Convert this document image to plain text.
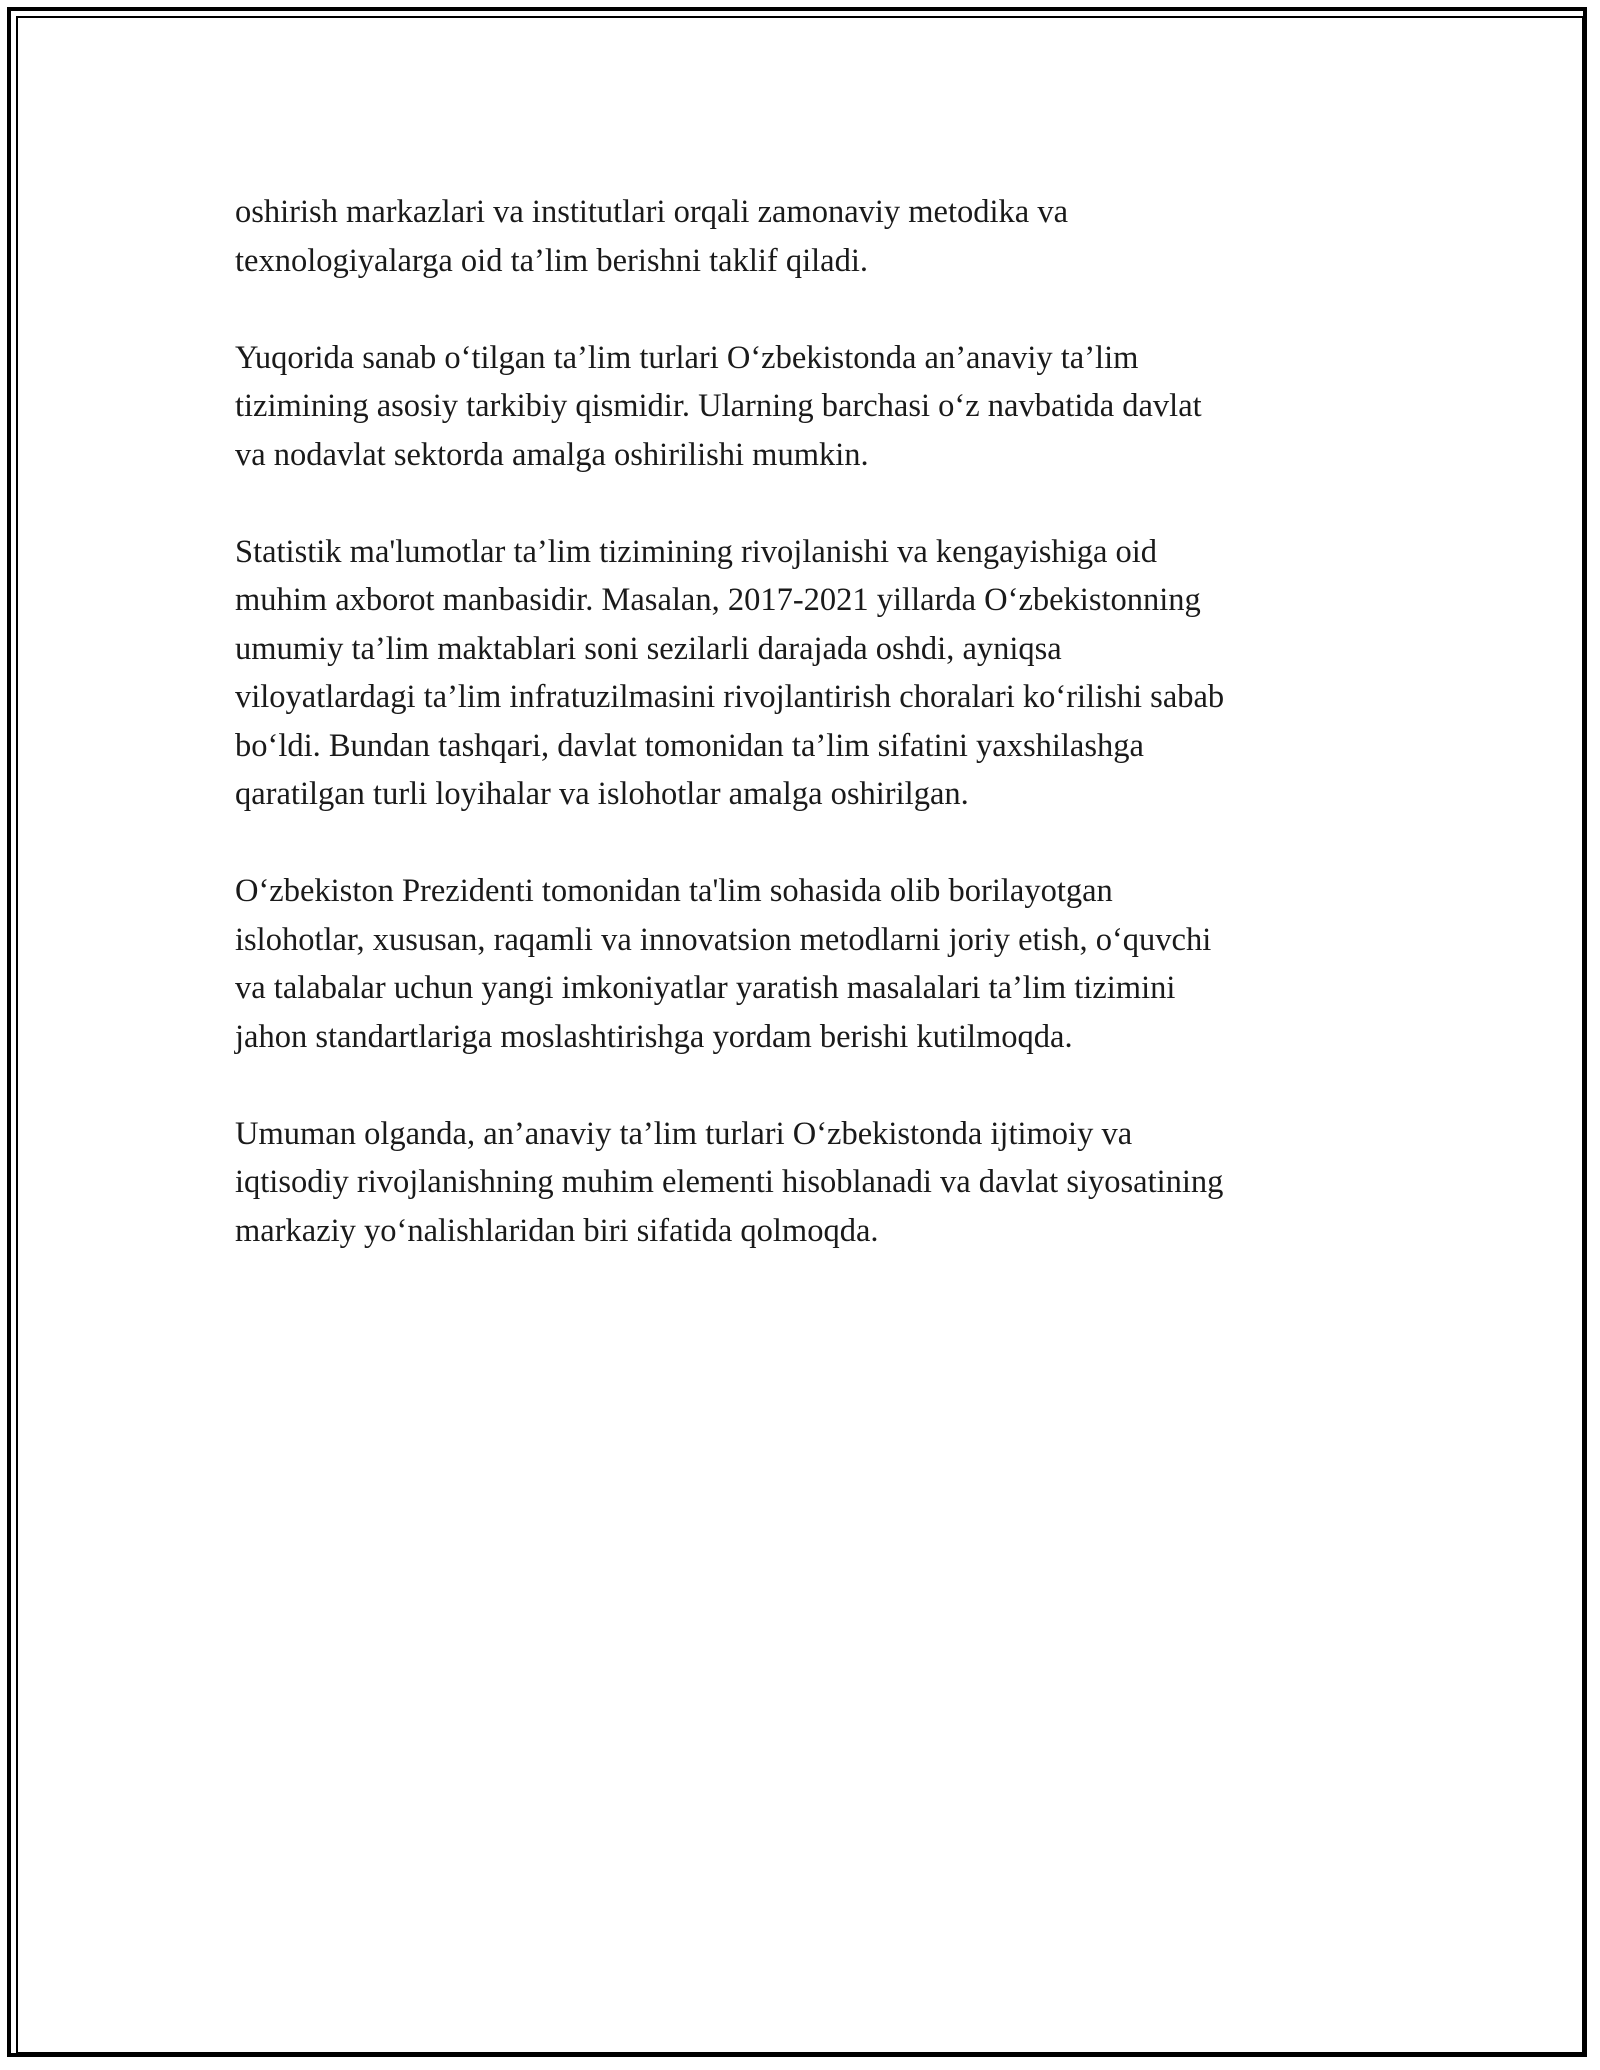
oshirish markazlari va institutlari orqali zamonaviy metodika va
texnologiyalarga oid ta’lim berishni taklif qiladi.

Yuqorida sanab o‘tilgan ta’lim turlari O‘zbekistonda an’anaviy ta’lim
tizimining asosiy tarkibiy qismidir. Ularning barchasi o‘z navbatida davlat
va nodavlat sektorda amalga oshirilishi mumkin.

Statistik ma'lumotlar ta’lim tizimining rivojlanishi va kengayishiga oid
muhim axborot manbasidir. Masalan, 2017-2021 yillarda O‘zbekistonning
umumiy ta’lim maktablari soni sezilarli darajada oshdi, ayniqsa
viloyatlardagi ta’lim infratuzilmasini rivojlantirish choralari ko‘rilishi sabab
bo‘ldi. Bundan tashqari, davlat tomonidan ta’lim sifatini yaxshilashga
qaratilgan turli loyihalar va islohotlar amalga oshirilgan.

O‘zbekiston Prezidenti tomonidan ta'lim sohasida olib borilayotgan
islohotlar, xususan, raqamli va innovatsion metodlarni joriy etish, o‘quvchi
va talabalar uchun yangi imkoniyatlar yaratish masalalari ta’lim tizimini
jahon standartlariga moslashtirishga yordam berishi kutilmoqda.

Umuman olganda, an’anaviy ta’lim turlari O‘zbekistonda ijtimoiy va
iqtisodiy rivojlanishning muhim elementi hisoblanadi va davlat siyosatining
markaziy yo‘nalishlaridan biri sifatida qolmoqda.
